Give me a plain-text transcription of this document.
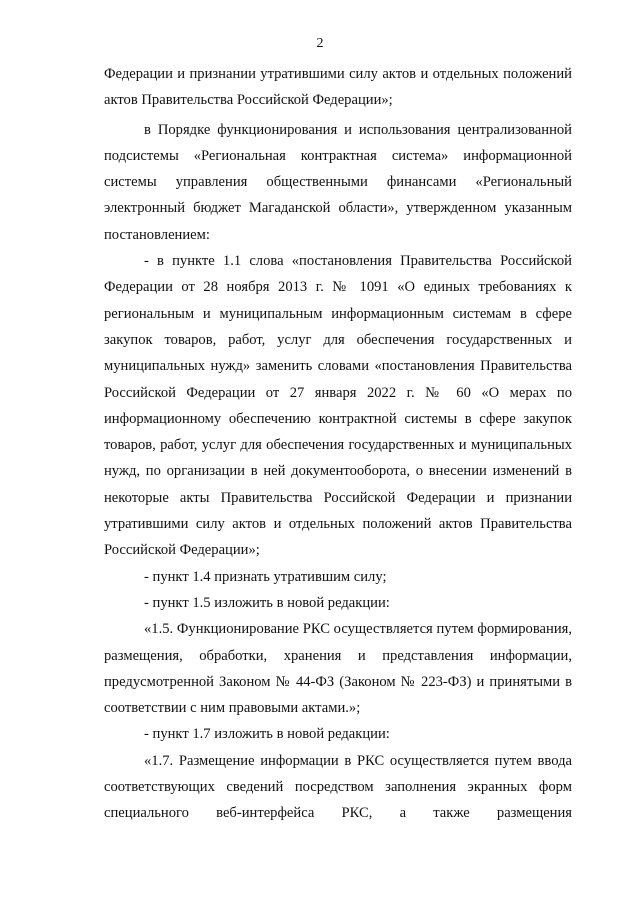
2

Федерации и признании утратившими силу актов и отдельных положений актов Правительства Российской Федерации»;

в Порядке функционирования и использования централизованной подсистемы «Региональная контрактная система» информационной системы управления общественными финансами «Региональный электронный бюджет Магаданской области», утвержденном указанным постановлением:

- в пункте 1.1 слова «постановления Правительства Российской Федерации от 28 ноября 2013 г. № 1091 «О единых требованиях к региональным и муниципальным информационным системам в сфере закупок товаров, работ, услуг для обеспечения государственных и муниципальных нужд» заменить словами «постановления Правительства Российской Федерации от 27 января 2022 г. № 60 «О мерах по информационному обеспечению контрактной системы в сфере закупок товаров, работ, услуг для обеспечения государственных и муниципальных нужд, по организации в ней документооборота, о внесении изменений в некоторые акты Правительства Российской Федерации и признании утратившими силу актов и отдельных положений актов Правительства Российской Федерации»;

- пункт 1.4 признать утратившим силу;

- пункт 1.5 изложить в новой редакции:

«1.5. Функционирование РКС осуществляется путем формирования, размещения, обработки, хранения и представления информации, предусмотренной Законом № 44-ФЗ (Законом № 223-ФЗ) и принятыми в соответствии с ним правовыми актами.»;

- пункт 1.7 изложить в новой редакции:

«1.7. Размещение информации в РКС осуществляется путем ввода соответствующих сведений посредством заполнения экранных форм специального веб-интерфейса РКС, а также размещения
